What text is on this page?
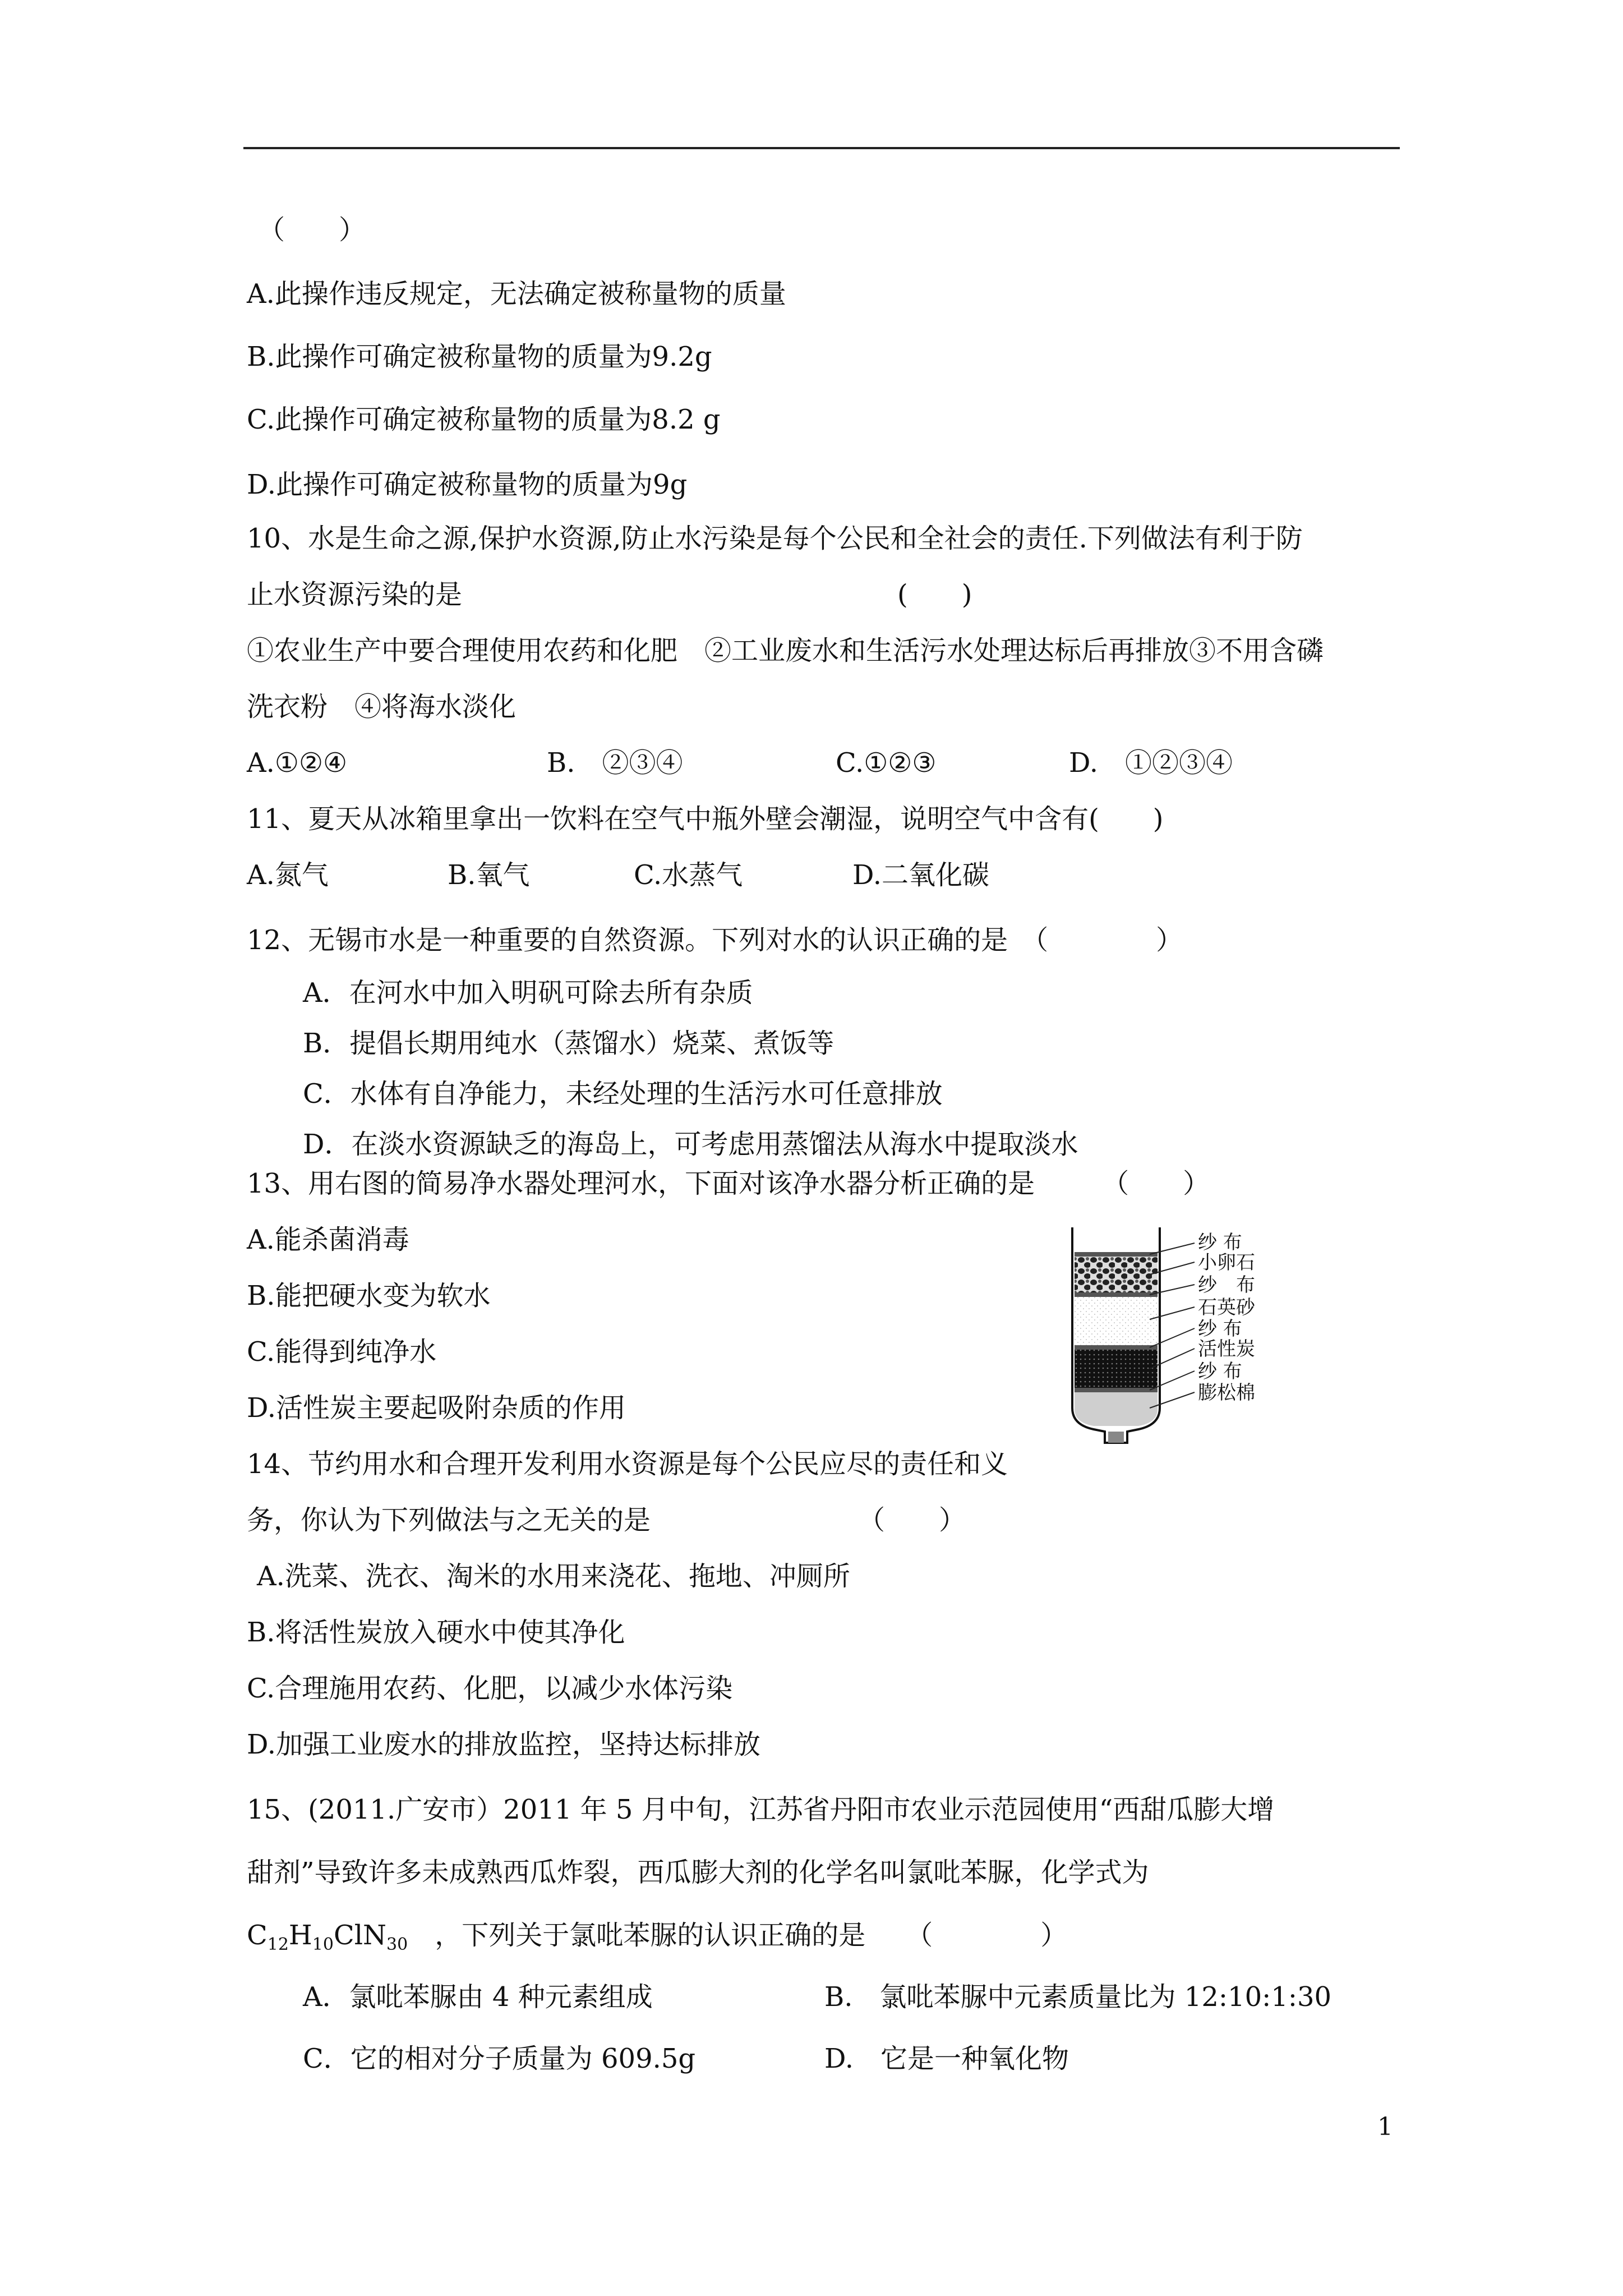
（　　）
A.此操作违反规定，无法确定被称量物的质量
B.此操作可确定被称量物的质量为9.2g
C.此操作可确定被称量物的质量为8.2 g
D.此操作可确定被称量物的质量为9g
10、水是生命之源,保护水资源,防止水污染是每个公民和全社会的责任.下列做法有利于防
止水资源污染的是	(　　)
①农业生产中要合理使用农药和化肥　②工业废水和生活污水处理达标后再排放③不用含磷
洗衣粉　④将海水淡化
A.①②④	B.　②③④	C.①②③	D.　①②③④
11、夏天从冰箱里拿出一饮料在空气中瓶外壁会潮湿，说明空气中含有(　　)
A.氮气	B.氧气	C.水蒸气	D.二氧化碳
12、无锡市水是一种重要的自然资源。下列对水的认识正确的是　（　　　　）
A．在河水中加入明矾可除去所有杂质
B．提倡长期用纯水（蒸馏水）烧菜、煮饭等
C．水体有自净能力，未经处理的生活污水可任意排放
D．在淡水资源缺乏的海岛上，可考虑用蒸馏法从海水中提取淡水
13、用右图的简易净水器处理河水，下面对该净水器分析正确的是　　　（　　）
A.能杀菌消毒
B.能把硬水变为软水
C.能得到纯净水
D.活性炭主要起吸附杂质的作用
纱 布
小卵石
纱　布
石英砂
纱 布
活性炭
纱 布
膨松棉
14、节约用水和合理开发利用水资源是每个公民应尽的责任和义
务，你认为下列做法与之无关的是	（　　）
A.洗菜、洗衣、淘米的水用来浇花、拖地、冲厕所
B.将活性炭放入硬水中使其净化
C.合理施用农药、化肥，以减少水体污染
D.加强工业废水的排放监控，坚持达标排放
15、(2011.广安市）2011 年 5 月中旬，江苏省丹阳市农业示范园使用“西甜瓜膨大增
甜剂”导致许多未成熟西瓜炸裂，西瓜膨大剂的化学名叫氯吡苯脲，化学式为
$C_{12}H_{10}ClN_{30}$　 ，下列关于氯吡苯脲的认识正确的是　　（　　　　）
A．氯吡苯脲由 4 种元素组成	B.　氯吡苯脲中元素质量比为 12:10:1:30
C．它的相对分子质量为 609.5g	D.　它是一种氧化物
1
